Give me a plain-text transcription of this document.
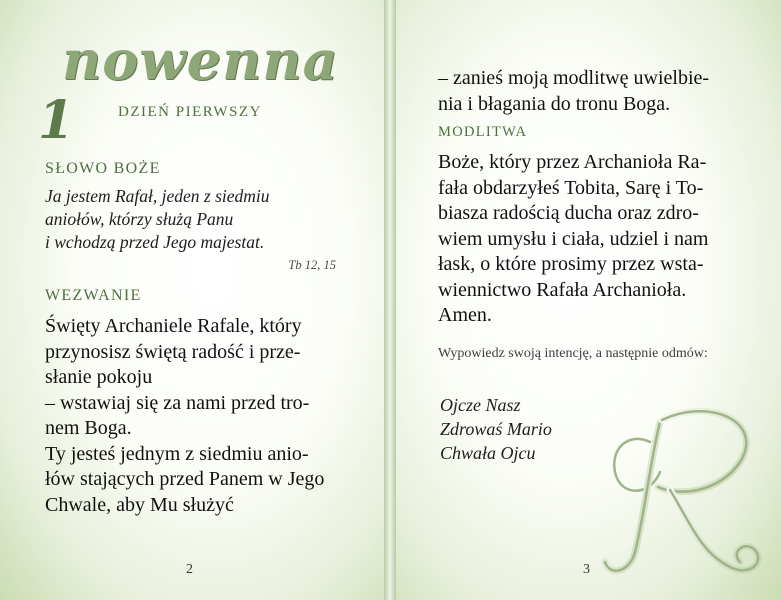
nowenna
1	DZIEŃ PIERWSZY
SŁOWO BOŻE
Ja jestem Rafał, jeden z siedmiu
aniołów, którzy służą Panu
i wchodzą przed Jego majestat.
Tb 12, 15
WEZWANIE
Święty Archaniele Rafale, który
przynosisz świętą radość i prze-
słanie pokoju
– wstawiaj się za nami przed tro-
nem Boga.
Ty jesteś jednym z siedmiu anio-
łów stających przed Panem w Jego
Chwale, aby Mu służyć
2
– zanieś moją modlitwę uwielbie-
nia i błagania do tronu Boga.
MODLITWA
Boże, który przez Archanioła Ra-
fała obdarzyłeś Tobita, Sarę i To-
biasza radością ducha oraz zdro-
wiem umysłu i ciała, udziel i nam
łask, o które prosimy przez wsta-
wiennictwo Rafała Archanioła.
Amen.
Wypowiedz swoją intencję, a następnie odmów:
Ojcze Nasz
Zdrowaś Mario
Chwała Ojcu
3
